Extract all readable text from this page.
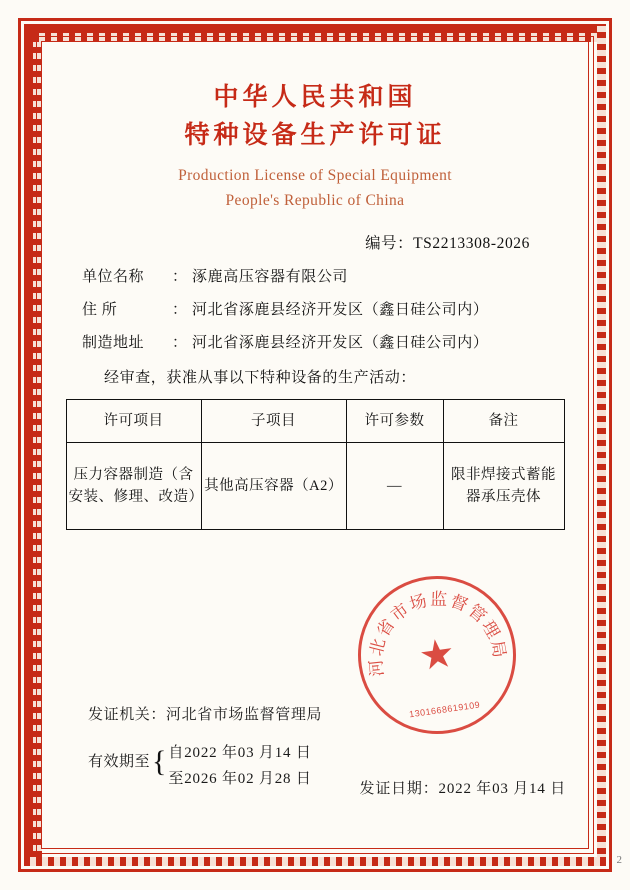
中华人民共和国
特种设备生产许可证
Production License of Special Equipment
People's Republic of China
编号：TS2213308-2026
单位名称	： 涿鹿高压容器有限公司
住 所	： 河北省涿鹿县经济开发区（鑫日硅公司内）
制造地址	： 河北省涿鹿县经济开发区（鑫日硅公司内）
经审查，获准从事以下特种设备的生产活动：
许可项目	子项目	许可参数	备注
压力容器制造（含安装、修理、改造）	其他高压容器（A2）	—	限非焊接式蓄能器承压壳体
河北省市场监督管理局
★
1301668619109
发证机关：河北省市场监督管理局
有效期至 { 自2022 年03 月14 日
至2026 年02 月28 日
发证日期：2022 年03 月14 日
2
